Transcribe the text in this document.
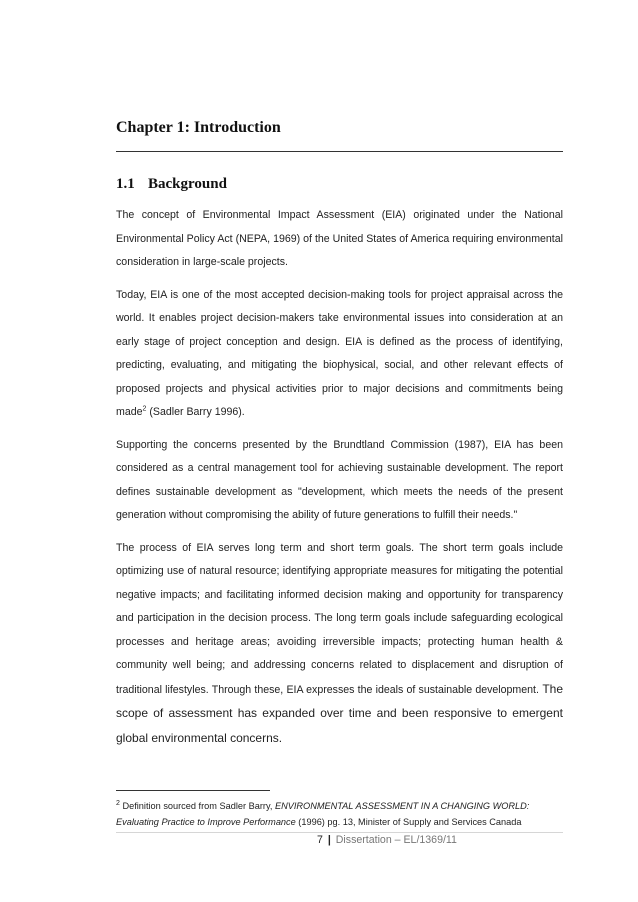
Chapter 1: Introduction
1.1 Background

The concept of Environmental Impact Assessment (EIA) originated under the National Environmental Policy Act (NEPA, 1969) of the United States of America requiring environmental consideration in large-scale projects.

Today, EIA is one of the most accepted decision-making tools for project appraisal across the world. It enables project decision-makers take environmental issues into consideration at an early stage of project conception and design. EIA is defined as the process of identifying, predicting, evaluating, and mitigating the biophysical, social, and other relevant effects of proposed projects and physical activities prior to major decisions and commitments being made$^2$ (Sadler Barry 1996).

Supporting the concerns presented by the Brundtland Commission (1987), EIA has been considered as a central management tool for achieving sustainable development. The report defines sustainable development as "development, which meets the needs of the present generation without compromising the ability of future generations to fulfill their needs."

The process of EIA serves long term and short term goals. The short term goals include optimizing use of natural resource; identifying appropriate measures for mitigating the potential negative impacts; and facilitating informed decision making and opportunity for transparency and participation in the decision process. The long term goals include safeguarding ecological processes and heritage areas; avoiding irreversible impacts; protecting human health & community well being; and addressing concerns related to displacement and disruption of traditional lifestyles. Through these, EIA expresses the ideals of sustainable development. The scope of assessment has expanded over time and been responsive to emergent global environmental concerns.

$^2$ Definition sourced from Sadler Barry, ENVIRONMENTAL ASSESSMENT IN A CHANGING WORLD: Evaluating Practice to Improve Performance (1996) pg. 13, Minister of Supply and Services Canada
7 | Dissertation – EL/1369/11
